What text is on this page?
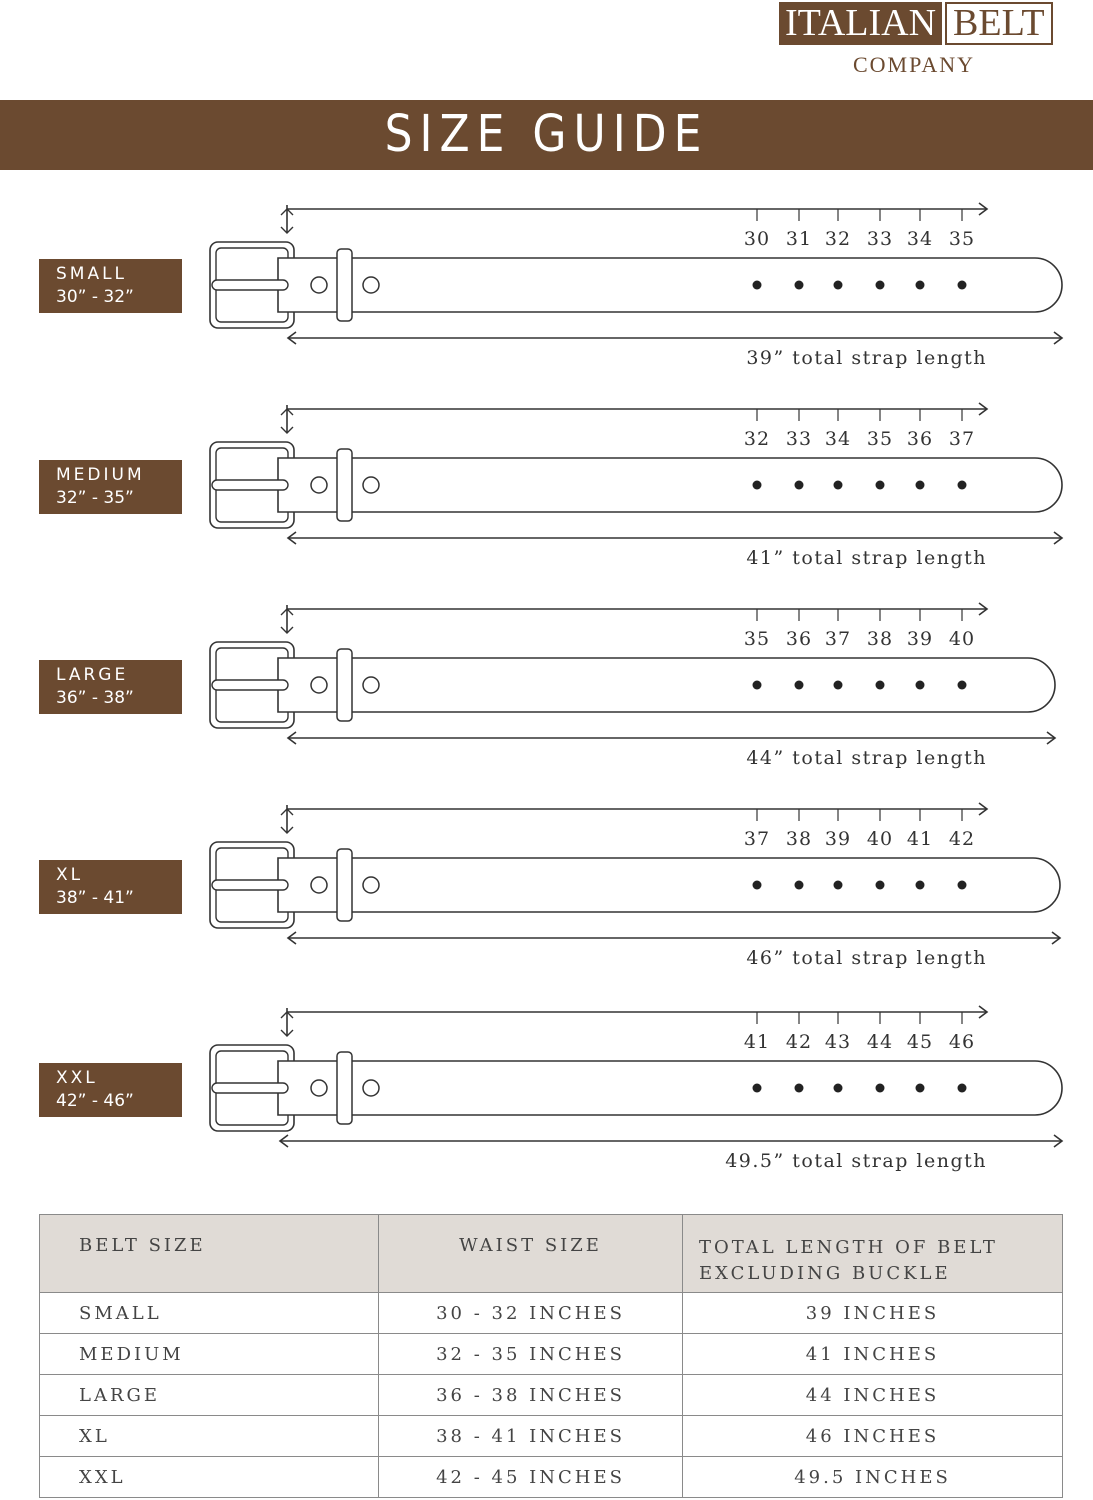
ITALIAN BELT
COMPANY
SIZE GUIDE
SMALL
30” - 32”
MEDIUM
32” - 35”
LARGE
36” - 38”
XL
38” - 41”
XXL
42” - 46”
30 31 32 33 34 35
39” total strap length
32 33 34 35 36 37
41” total strap length
35 36 37 38 39 40
44” total strap length
37 38 39 40 41 42
46” total strap length
41 42 43 44 45 46
49.5” total strap length
BELT SIZE	WAIST SIZE	TOTAL LENGTH OF BELT
EXCLUDING BUCKLE
SMALL	30 - 32 INCHES	39 INCHES
MEDIUM	32 - 35 INCHES	41 INCHES
LARGE	36 - 38 INCHES	44 INCHES
XL	38 - 41 INCHES	46 INCHES
XXL	42 - 45 INCHES	49.5 INCHES
